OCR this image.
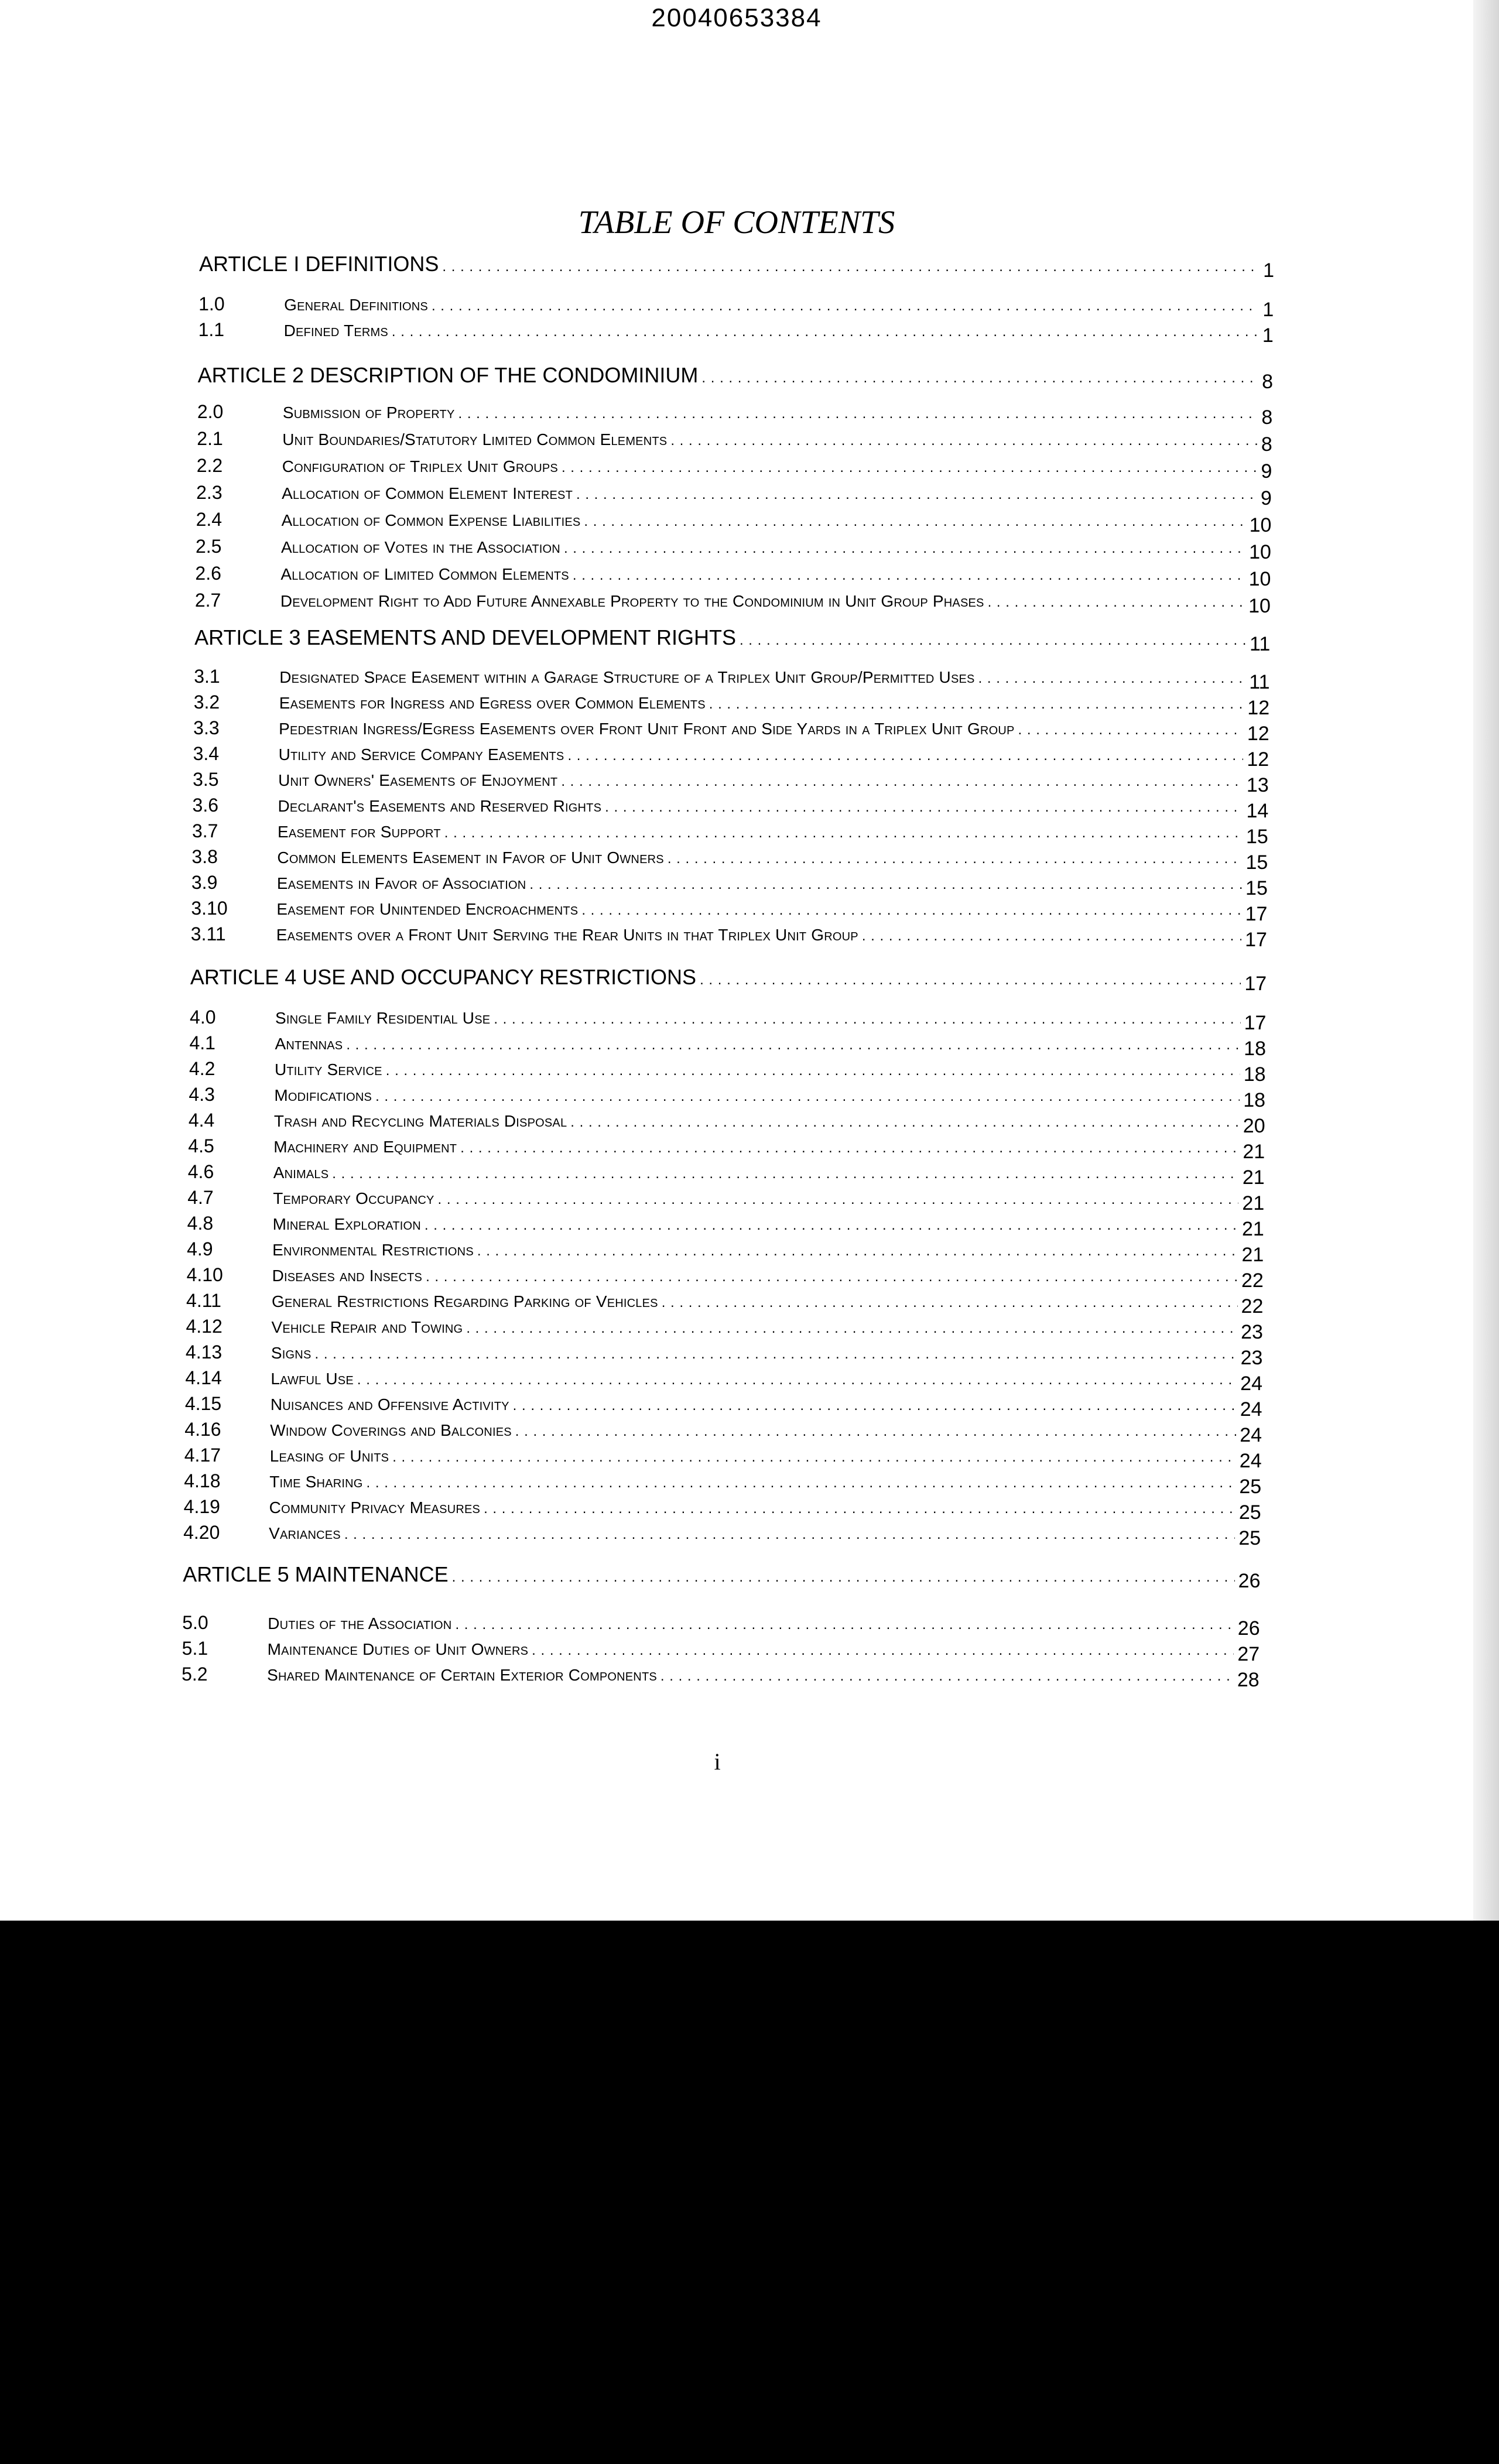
20040653384
TABLE OF CONTENTS
ARTICLE I DEFINITIONS . . .	1
1.0	General Definitions . . .	1
1.1	Defined Terms . . .	1
ARTICLE 2 DESCRIPTION OF THE CONDOMINIUM . . .	8
2.0	Submission of Property . . .	8
2.1	Unit Boundaries/Statutory Limited Common Elements . . .	8
2.2	Configuration of Triplex Unit Groups . . .	9
2.3	Allocation of Common Element Interest . . .	9
2.4	Allocation of Common Expense Liabilities . . .	10
2.5	Allocation of Votes in the Association . . .	10
2.6	Allocation of Limited Common Elements . . .	10
2.7	Development Right to Add Future Annexable Property to the Condominium in Unit Group Phases . . .	10
ARTICLE 3 EASEMENTS AND DEVELOPMENT RIGHTS . . .	11
3.1	Designated Space Easement within a Garage Structure of a Triplex Unit Group/Permitted Uses . . .	11
3.2	Easements for Ingress and Egress over Common Elements . . .	12
3.3	Pedestrian Ingress/Egress Easements over Front Unit Front and Side Yards in a Triplex Unit Group . . .	12
3.4	Utility and Service Company Easements . . .	12
3.5	Unit Owners' Easements of Enjoyment . . .	13
3.6	Declarant's Easements and Reserved Rights . . .	14
3.7	Easement for Support . . .	15
3.8	Common Elements Easement in Favor of Unit Owners . . .	15
3.9	Easements in Favor of Association . . .	15
3.10	Easement for Unintended Encroachments . . .	17
3.11	Easements over a Front Unit Serving the Rear Units in that Triplex Unit Group . . .	17
ARTICLE 4 USE AND OCCUPANCY RESTRICTIONS . . .	17
4.0	Single Family Residential Use . . .	17
4.1	Antennas . . .	18
4.2	Utility Service . . .	18
4.3	Modifications . . .	18
4.4	Trash and Recycling Materials Disposal . . .	20
4.5	Machinery and Equipment . . .	21
4.6	Animals . . .	21
4.7	Temporary Occupancy . . .	21
4.8	Mineral Exploration . . .	21
4.9	Environmental Restrictions . . .	21
4.10	Diseases and Insects . . .	22
4.11	General Restrictions Regarding Parking of Vehicles . . .	22
4.12	Vehicle Repair and Towing . . .	23
4.13	Signs . . .	23
4.14	Lawful Use . . .	24
4.15	Nuisances and Offensive Activity . . .	24
4.16	Window Coverings and Balconies . . .	24
4.17	Leasing of Units . . .	24
4.18	Time Sharing . . .	25
4.19	Community Privacy Measures . . .	25
4.20	Variances . . .	25
ARTICLE 5 MAINTENANCE . . .	26
5.0	Duties of the Association . . .	26
5.1	Maintenance Duties of Unit Owners . . .	27
5.2	Shared Maintenance of Certain Exterior Components . . .	28
i
